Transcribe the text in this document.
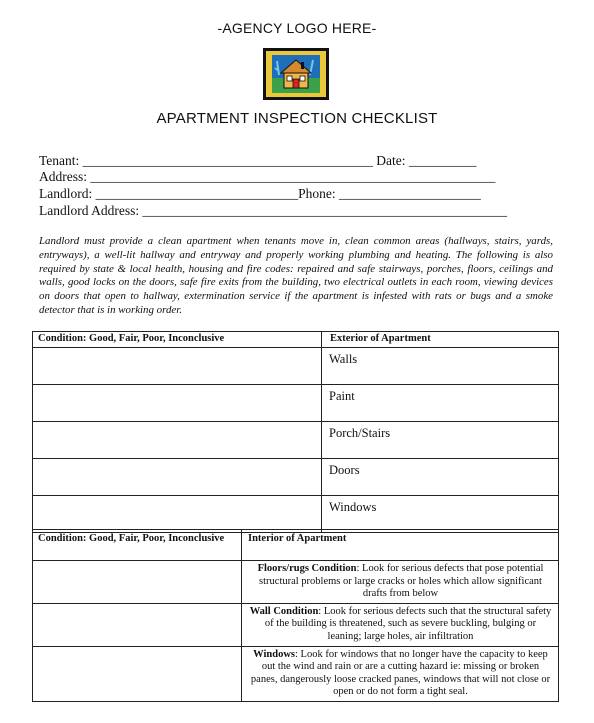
-AGENCY LOGO HERE-
APARTMENT INSPECTION CHECKLIST
Tenant: ___________________________________________ Date: __________
Address: ____________________________________________________________
Landlord: ______________________________Phone: _____________________
Landlord Address: ______________________________________________________
Landlord must provide a clean apartment when tenants move in, clean common areas (hallways, stairs, yards, entryways), a well-lit hallway and entryway and properly working plumbing and heating. The following is also required by state & local health, housing and fire codes: repaired and safe stairways, porches, floors, ceilings and walls, good locks on the doors, safe fire exits from the building, two electrical outlets in each room, viewing devices on doors that open to hallway, extermination service if the apartment is infested with rats or bugs and a smoke detector that is in working order.
Condition: Good, Fair, Poor, Inconclusive	Exterior of Apartment
	Walls
	Paint
	Porch/Stairs
	Doors
	Windows
Condition: Good, Fair, Poor, Inconclusive	Interior of Apartment
	Floors/rugs Condition: Look for serious defects that pose potential structural problems or large cracks or holes which allow significant drafts from below
	Wall Condition: Look for serious defects such that the structural safety of the building is threatened, such as severe buckling, bulging or leaning; large holes, air infiltration
	Windows: Look for windows that no longer have the capacity to keep out the wind and rain or are a cutting hazard ie: missing or broken panes, dangerously loose cracked panes, windows that will not close or open or do not form a tight seal.
